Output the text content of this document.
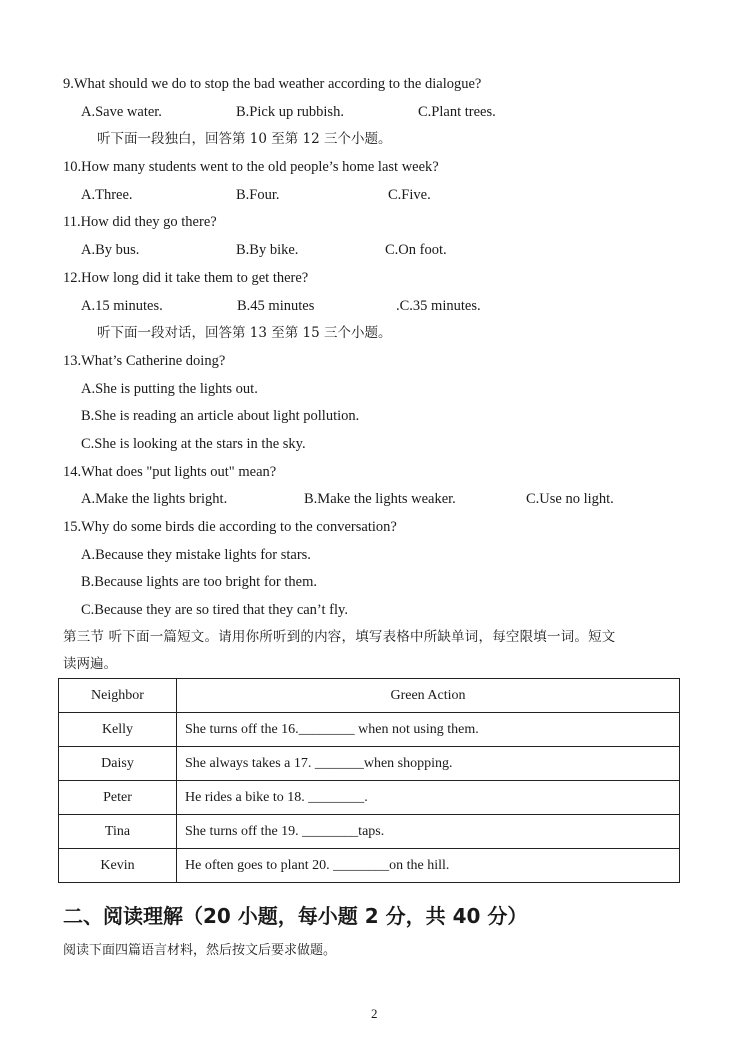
9.What should we do to stop the bad weather according to the dialogue?
A.Save water.	B.Pick up rubbish.	C.Plant trees.
听下面一段独白，回答第 10 至第 12 三个小题。
10.How many students went to the old people’s home last week?
A.Three.	B.Four.	C.Five.
11.How did they go there?
A.By bus.	B.By bike.	C.On foot.
12.How long did it take them to get there?
A.15 minutes.	B.45 minutes	.C.35 minutes.
听下面一段对话，回答第 13 至第 15 三个小题。
13.What’s Catherine doing?
A.She is putting the lights out.
B.She is reading an article about light pollution.
C.She is looking at the stars in the sky.
14.What does "put lights out" mean?
A.Make the lights bright.	B.Make the lights weaker.	C.Use no light.
15.Why do some birds die according to the conversation?
A.Because they mistake lights for stars.
B.Because lights are too bright for them.
C.Because they are so tired that they can’t fly.
第三节 听下面一篇短文。请用你所听到的内容，填写表格中所缺单词，每空限填一词。短文
读两遍。
Neighbor	Green Action
Kelly	She turns off the 16.________ when not using them.
Daisy	She always takes a 17. _______when shopping.
Peter	He rides a bike to 18. ________.
Tina	She turns off the 19. ________taps.
Kevin	He often goes to plant 20. ________on the hill.
二、阅读理解（20 小题，每小题 2 分，共 40 分）
阅读下面四篇语言材料，然后按文后要求做题。
2
